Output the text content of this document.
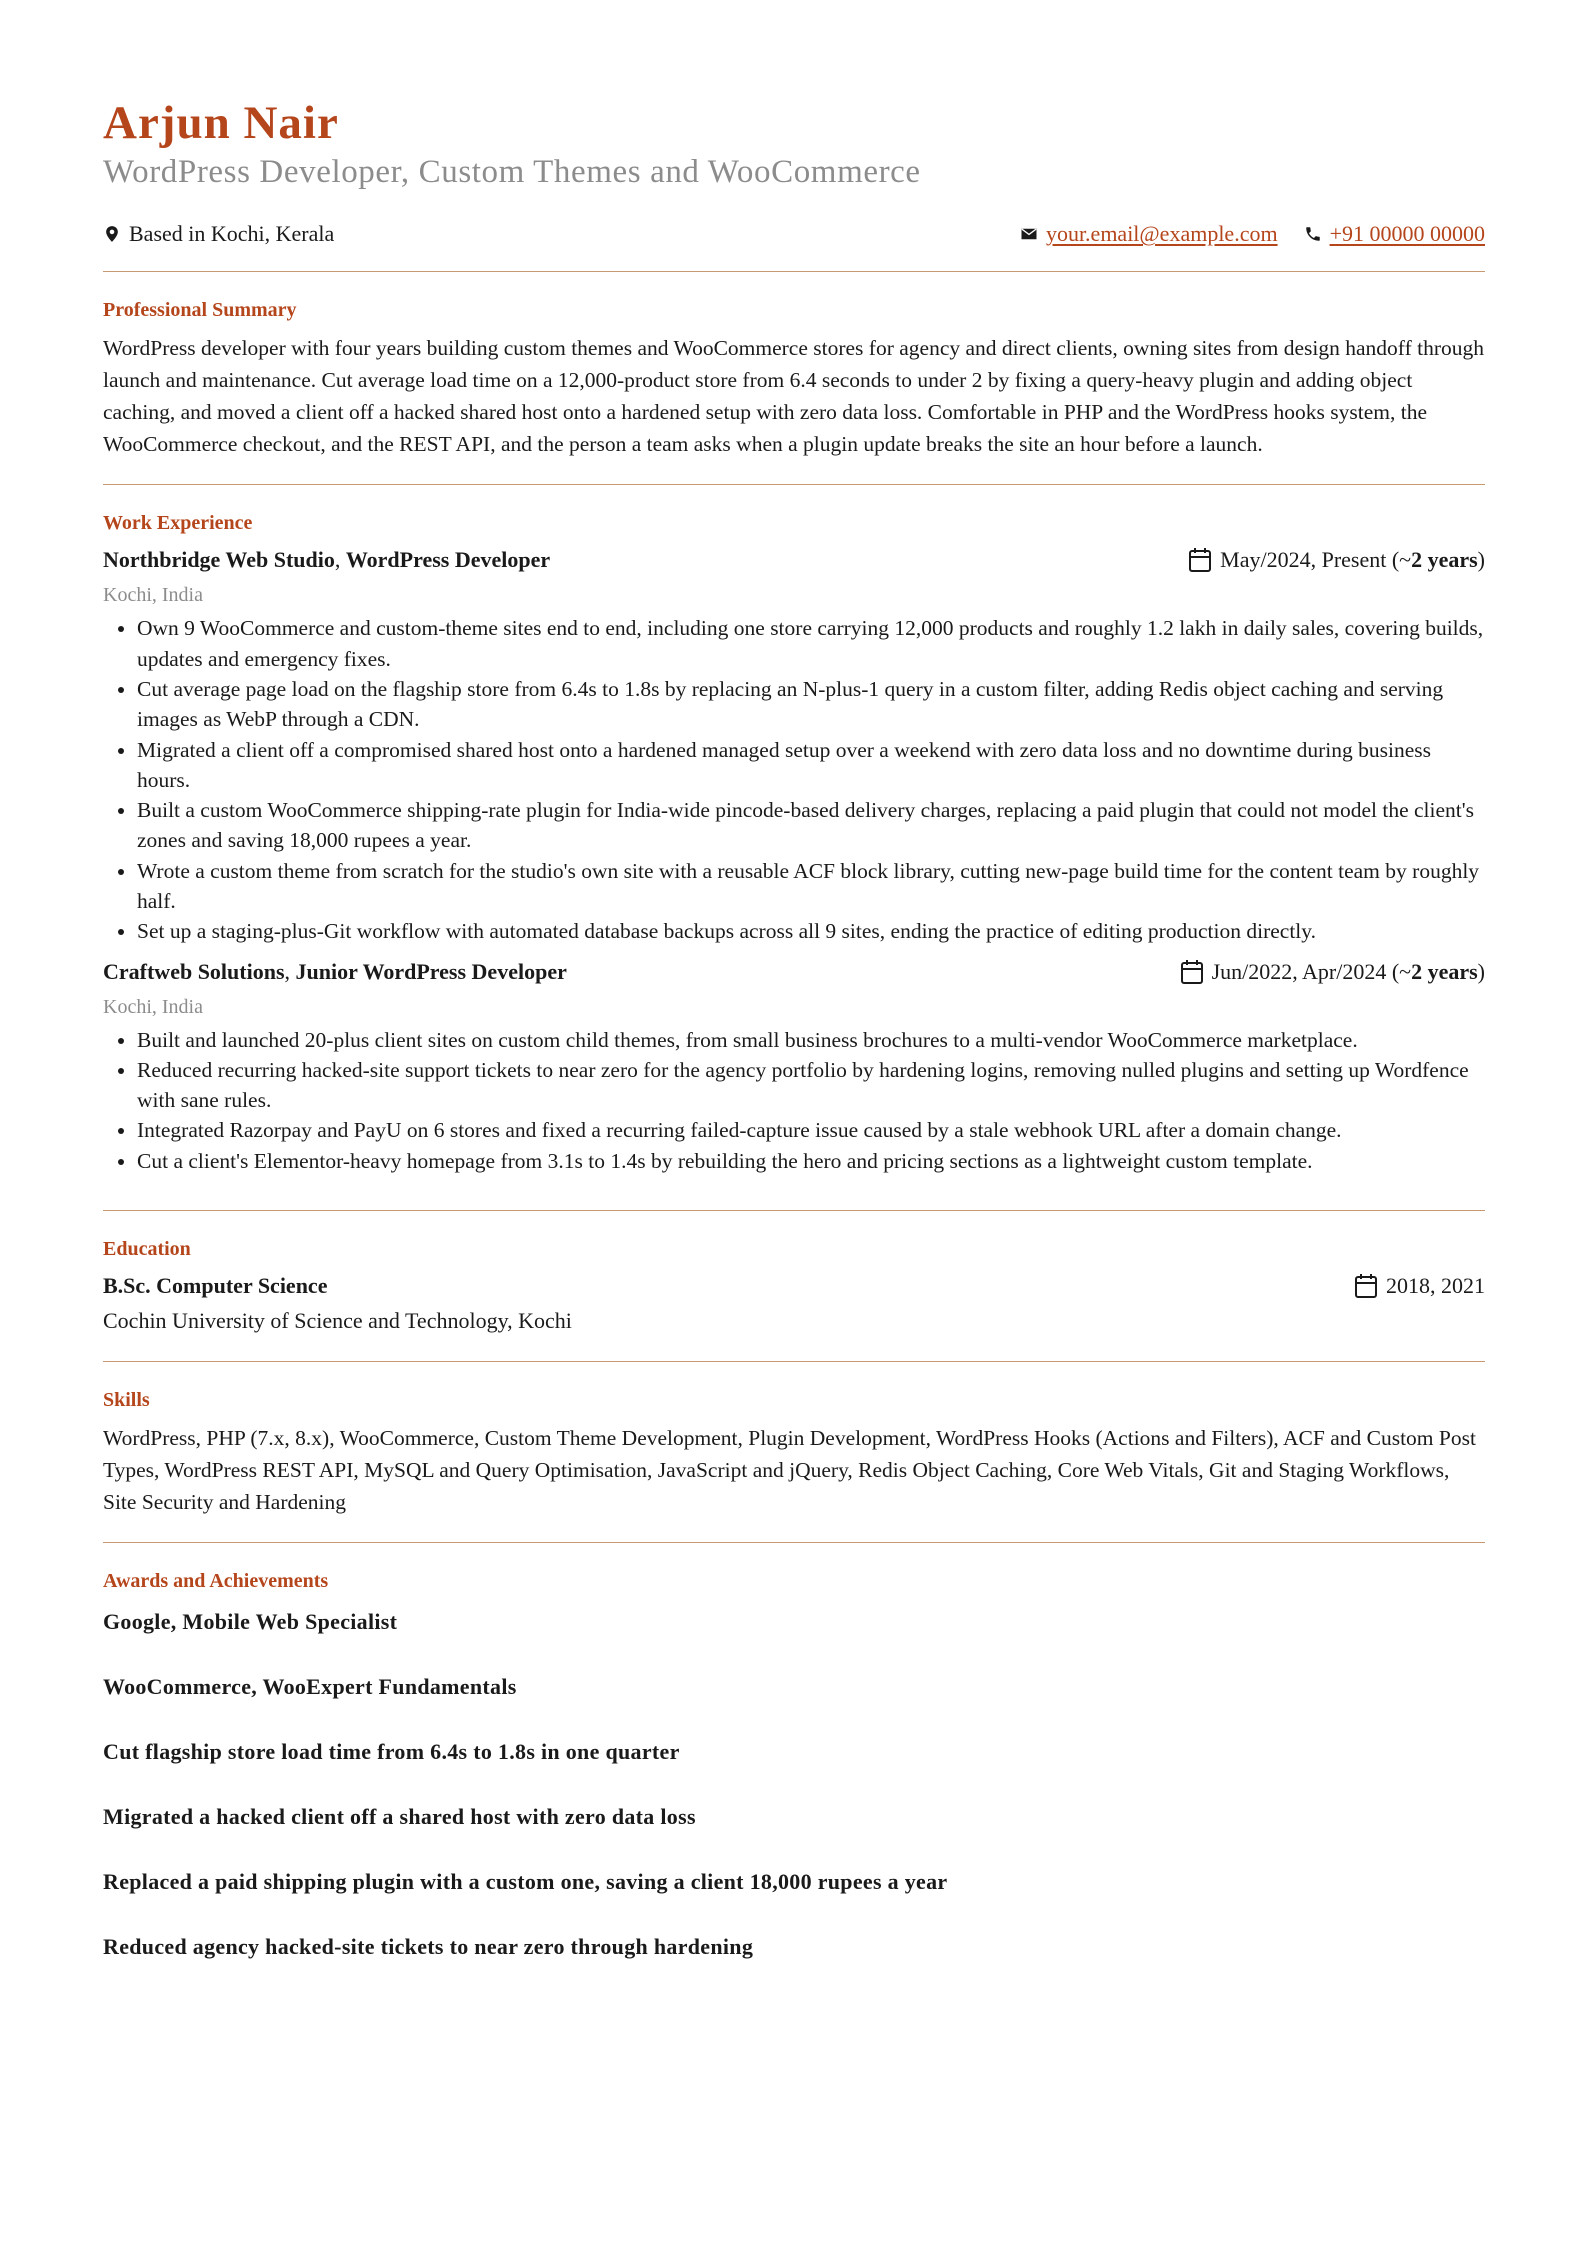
Arjun Nair
WordPress Developer, Custom Themes and WooCommerce
Based in Kochi, Kerala	your.email@example.com +91 00000 00000
Professional Summary

WordPress developer with four years building custom themes and WooCommerce stores for agency and direct clients, owning sites from design handoff through launch and maintenance. Cut average load time on a 12,000-product store from 6.4 seconds to under 2 by fixing a query-heavy plugin and adding object caching, and moved a client off a hacked shared host onto a hardened setup with zero data loss. Comfortable in PHP and the WordPress hooks system, the WooCommerce checkout, and the REST API, and the person a team asks when a plugin update breaks the site an hour before a launch.

Work Experience
Northbridge Web Studio, WordPress Developer	May/2024, Present (~ 2 years )
Kochi, India
• Own 9 WooCommerce and custom-theme sites end to end, including one store carrying 12,000 products and roughly 1.2 lakh in daily sales, covering builds, updates and emergency fixes.
• Cut average page load on the flagship store from 6.4s to 1.8s by replacing an N-plus-1 query in a custom filter, adding Redis object caching and serving images as WebP through a CDN.
• Migrated a client off a compromised shared host onto a hardened managed setup over a weekend with zero data loss and no downtime during business hours.
• Built a custom WooCommerce shipping-rate plugin for India-wide pincode-based delivery charges, replacing a paid plugin that could not model the client's zones and saving 18,000 rupees a year.
• Wrote a custom theme from scratch for the studio's own site with a reusable ACF block library, cutting new-page build time for the content team by roughly half.
• Set up a staging-plus-Git workflow with automated database backups across all 9 sites, ending the practice of editing production directly.
Craftweb Solutions, Junior WordPress Developer	Jun/2022, Apr/2024 (~ 2 years )
Kochi, India
• Built and launched 20-plus client sites on custom child themes, from small business brochures to a multi-vendor WooCommerce marketplace.
• Reduced recurring hacked-site support tickets to near zero for the agency portfolio by hardening logins, removing nulled plugins and setting up Wordfence with sane rules.
• Integrated Razorpay and PayU on 6 stores and fixed a recurring failed-capture issue caused by a stale webhook URL after a domain change.
• Cut a client's Elementor-heavy homepage from 3.1s to 1.4s by rebuilding the hero and pricing sections as a lightweight custom template.
Education
B.Sc. Computer Science	2018, 2021
Cochin University of Science and Technology, Kochi
Skills

WordPress, PHP (7.x, 8.x), WooCommerce, Custom Theme Development, Plugin Development, WordPress Hooks (Actions and Filters), ACF and Custom Post Types, WordPress REST API, MySQL and Query Optimisation, JavaScript and jQuery, Redis Object Caching, Core Web Vitals, Git and Staging Workflows, Site Security and Hardening

Awards and Achievements

Google, Mobile Web Specialist

WooCommerce, WooExpert Fundamentals

Cut flagship store load time from 6.4s to 1.8s in one quarter

Migrated a hacked client off a shared host with zero data loss

Replaced a paid shipping plugin with a custom one, saving a client 18,000 rupees a year

Reduced agency hacked-site tickets to near zero through hardening
